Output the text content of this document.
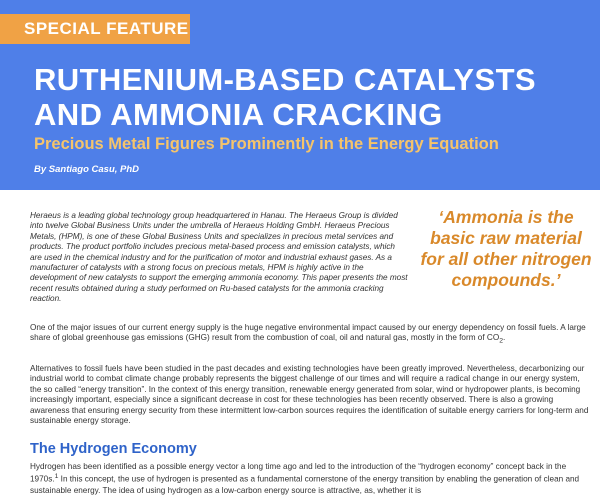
SPECIAL FEATURE
RUTHENIUM-BASED CATALYSTS AND AMMONIA CRACKING
Precious Metal Figures Prominently in the Energy Equation
By Santiago Casu, PhD

Heraeus is a leading global technology group headquartered in Hanau. The Heraeus Group is divided into twelve Global Business Units under the umbrella of Heraeus Holding GmbH. Heraeus Precious Metals, (HPM), is one of these Global Business Units and specializes in precious metal services and products. The product portfolio includes precious metal-based process and emission catalysts, which are used in the chemical industry and for the purification of motor and industrial exhaust gases. As a manufacturer of catalysts with a strong focus on precious metals, HPM is highly active in the development of new catalysts to support the emerging ammonia economy. This paper presents the most recent results obtained during a study performed on Ru-based catalysts for the ammonia cracking reaction.

‘Ammonia is the basic raw material for all other nitrogen compounds.’

One of the major issues of our current energy supply is the huge negative environmental impact caused by our energy dependency on fossil fuels. A large share of global greenhouse gas emissions (GHG) result from the combustion of coal, oil and natural gas, mostly in the form of $CO_2$.

Alternatives to fossil fuels have been studied in the past decades and existing technologies have been greatly improved. Nevertheless, decarbonizing our industrial world to combat climate change probably represents the biggest challenge of our times and will require a radical change in our energy system, the so called “energy transition”. In the context of this energy transition, renewable energy generated from solar, wind or hydropower plants, is becoming increasingly important, especially since a significant decrease in cost for these technologies has been recently observed. There is also a growing awareness that ensuring energy security from these intermittent low-carbon sources requires the identification of suitable energy carriers for long-term and sustainable energy storage.

The Hydrogen Economy

Hydrogen has been identified as a possible energy vector a long time ago and led to the introduction of the “hydrogen economy” concept back in the 1970s.$^1$ In this concept, the use of hydrogen is presented as a fundamental cornerstone of the energy transition by enabling the generation of clean and sustainable energy. The idea of using hydrogen as a low-carbon energy source is attractive, as, whether it is
